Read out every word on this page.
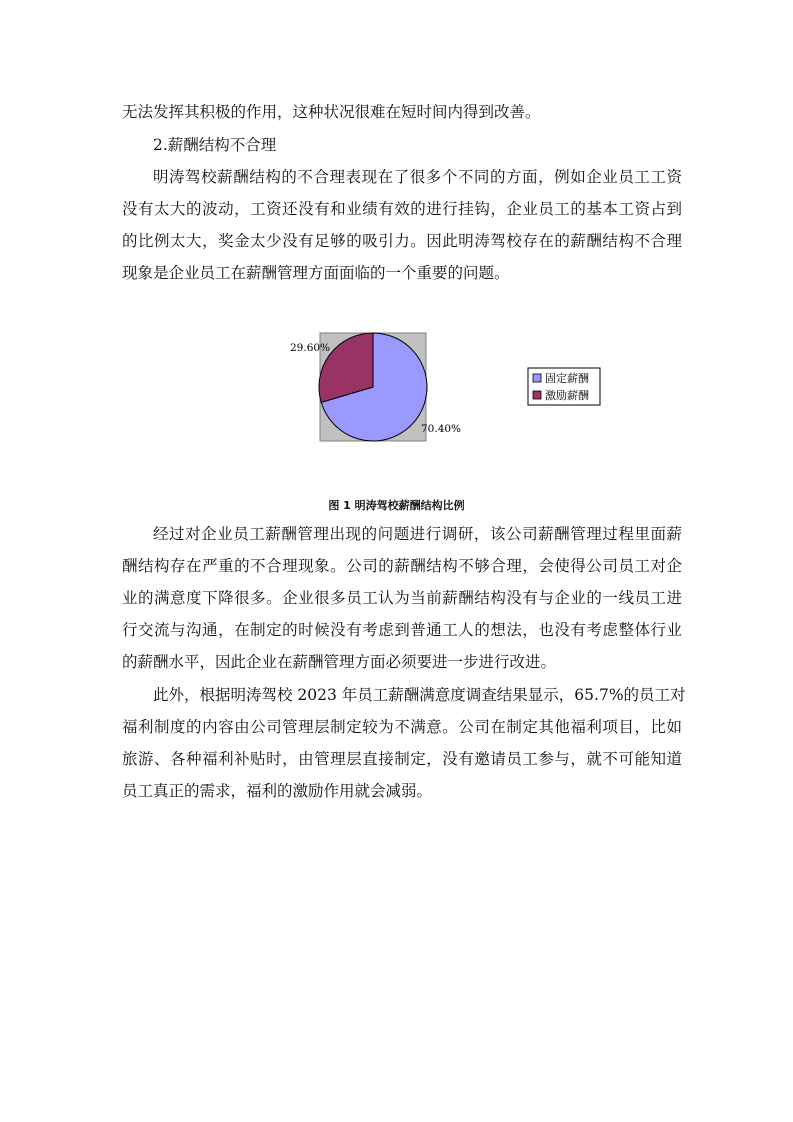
无法发挥其积极的作用，这种状况很难在短时间内得到改善。
2.薪酬结构不合理
明涛驾校薪酬结构的不合理表现在了很多个不同的方面，例如企业员工工资
没有太大的波动，工资还没有和业绩有效的进行挂钩，企业员工的基本工资占到
的比例太大，奖金太少没有足够的吸引力。因此明涛驾校存在的薪酬结构不合理
现象是企业员工在薪酬管理方面面临的一个重要的问题。
70.40%
29.60%
固定薪酬
激励薪酬
图 1 明涛驾校薪酬结构比例
经过对企业员工薪酬管理出现的问题进行调研，该公司薪酬管理过程里面薪
酬结构存在严重的不合理现象。公司的薪酬结构不够合理，会使得公司员工对企
业的满意度下降很多。企业很多员工认为当前薪酬结构没有与企业的一线员工进
行交流与沟通，在制定的时候没有考虑到普通工人的想法，也没有考虑整体行业
的薪酬水平，因此企业在薪酬管理方面必须要进一步进行改进。
此外，根据明涛驾校 2023 年员工薪酬满意度调查结果显示，65.7%的员工对
福利制度的内容由公司管理层制定较为不满意。公司在制定其他福利项目，比如
旅游、各种福利补贴时，由管理层直接制定，没有邀请员工参与，就不可能知道
员工真正的需求，福利的激励作用就会减弱。
